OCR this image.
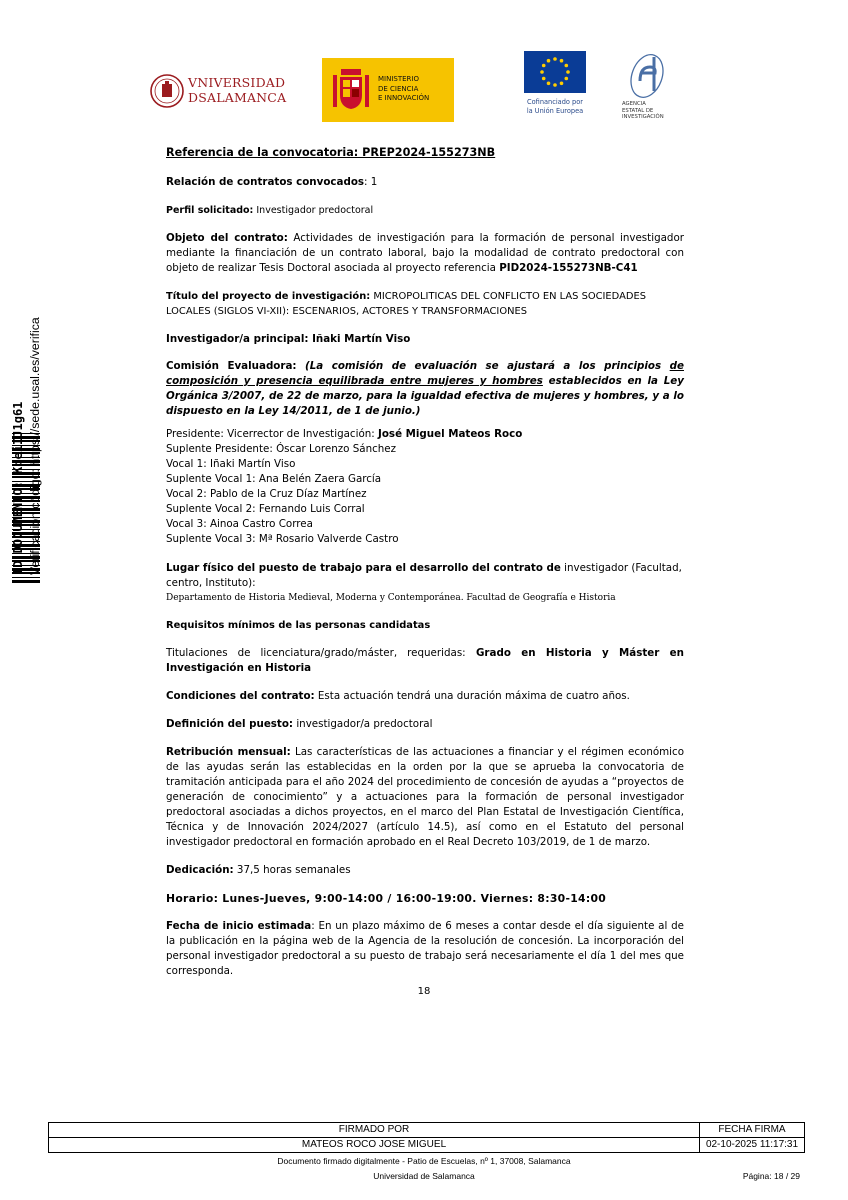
VNIVERSIDAD
DSALAMANCA
MINISTERIO
DE CIENCIA
E INNOVACIÓN	Cofinanciado por
la Unión Europea
AGENCIA
ESTATAL DE
INVESTIGACIÓN
ID DOCUMENTO: KpeiIJ1g61 Verificación código: https://sede.usal.es/verifica

Referencia de la convocatoria: PREP2024-155273NB

Relación de contratos convocados: 1

Perfil solicitado: Investigador predoctoral

Objeto del contrato: Actividades de investigación para la formación de personal investigador mediante la financiación de un contrato laboral, bajo la modalidad de contrato predoctoral con objeto de realizar Tesis Doctoral asociada al proyecto referencia PID2024-155273NB-C41

Título del proyecto de investigación: MICROPOLITICAS DEL CONFLICTO EN LAS SOCIEDADES LOCALES (SIGLOS VI-XII): ESCENARIOS, ACTORES Y TRANSFORMACIONES

Investigador/a principal: Iñaki Martín Viso

Comisión Evaluadora: (La comisión de evaluación se ajustará a los principios de composición y presencia equilibrada entre mujeres y hombres establecidos en la Ley Orgánica 3/2007, de 22 de marzo, para la igualdad efectiva de mujeres y hombres, y a lo dispuesto en la Ley 14/2011, de 1 de junio.)

Presidente: Vicerrector de Investigación: José Miguel Mateos Roco

Suplente Presidente: Óscar Lorenzo Sánchez

Vocal 1: Iñaki Martín Viso

Suplente Vocal 1: Ana Belén Zaera García

Vocal 2: Pablo de la Cruz Díaz Martínez

Suplente Vocal 2: Fernando Luis Corral

Vocal 3: Ainoa Castro Correa

Suplente Vocal 3: Mª Rosario Valverde Castro

Lugar físico del puesto de trabajo para el desarrollo del contrato de investigador (Facultad, centro, Instituto):

Departamento de Historia Medieval, Moderna y Contemporánea. Facultad de Geografía e Historia

Requisitos mínimos de las personas candidatas

Titulaciones de licenciatura/grado/máster, requeridas: Grado en Historia y Máster en Investigación en Historia

Condiciones del contrato: Esta actuación tendrá una duración máxima de cuatro años.

Definición del puesto: investigador/a predoctoral

Retribución mensual: Las características de las actuaciones a financiar y el régimen económico de las ayudas serán las establecidas en la orden por la que se aprueba la convocatoria de tramitación anticipada para el año 2024 del procedimiento de concesión de ayudas a “proyectos de generación de conocimiento” y a actuaciones para la formación de personal investigador predoctoral asociadas a dichos proyectos, en el marco del Plan Estatal de Investigación Científica, Técnica y de Innovación 2024/2027 (artículo 14.5), así como en el Estatuto del personal investigador predoctoral en formación aprobado en el Real Decreto 103/2019, de 1 de marzo.

Dedicación: 37,5 horas semanales

Horario: Lunes-Jueves, 9:00-14:00 / 16:00-19:00. Viernes: 8:30-14:00

Fecha de inicio estimada: En un plazo máximo de 6 meses a contar desde el día siguiente al de la publicación en la página web de la Agencia de la resolución de concesión. La incorporación del personal investigador predoctoral a su puesto de trabajo será necesariamente el día 1 del mes que corresponda.

18
FIRMADO POR	FECHA FIRMA
MATEOS ROCO JOSE MIGUEL	02-10-2025 11:17:31
Documento firmado digitalmente - Patio de Escuelas, nº 1, 37008, Salamanca
Universidad de Salamanca	Página: 18 / 29
